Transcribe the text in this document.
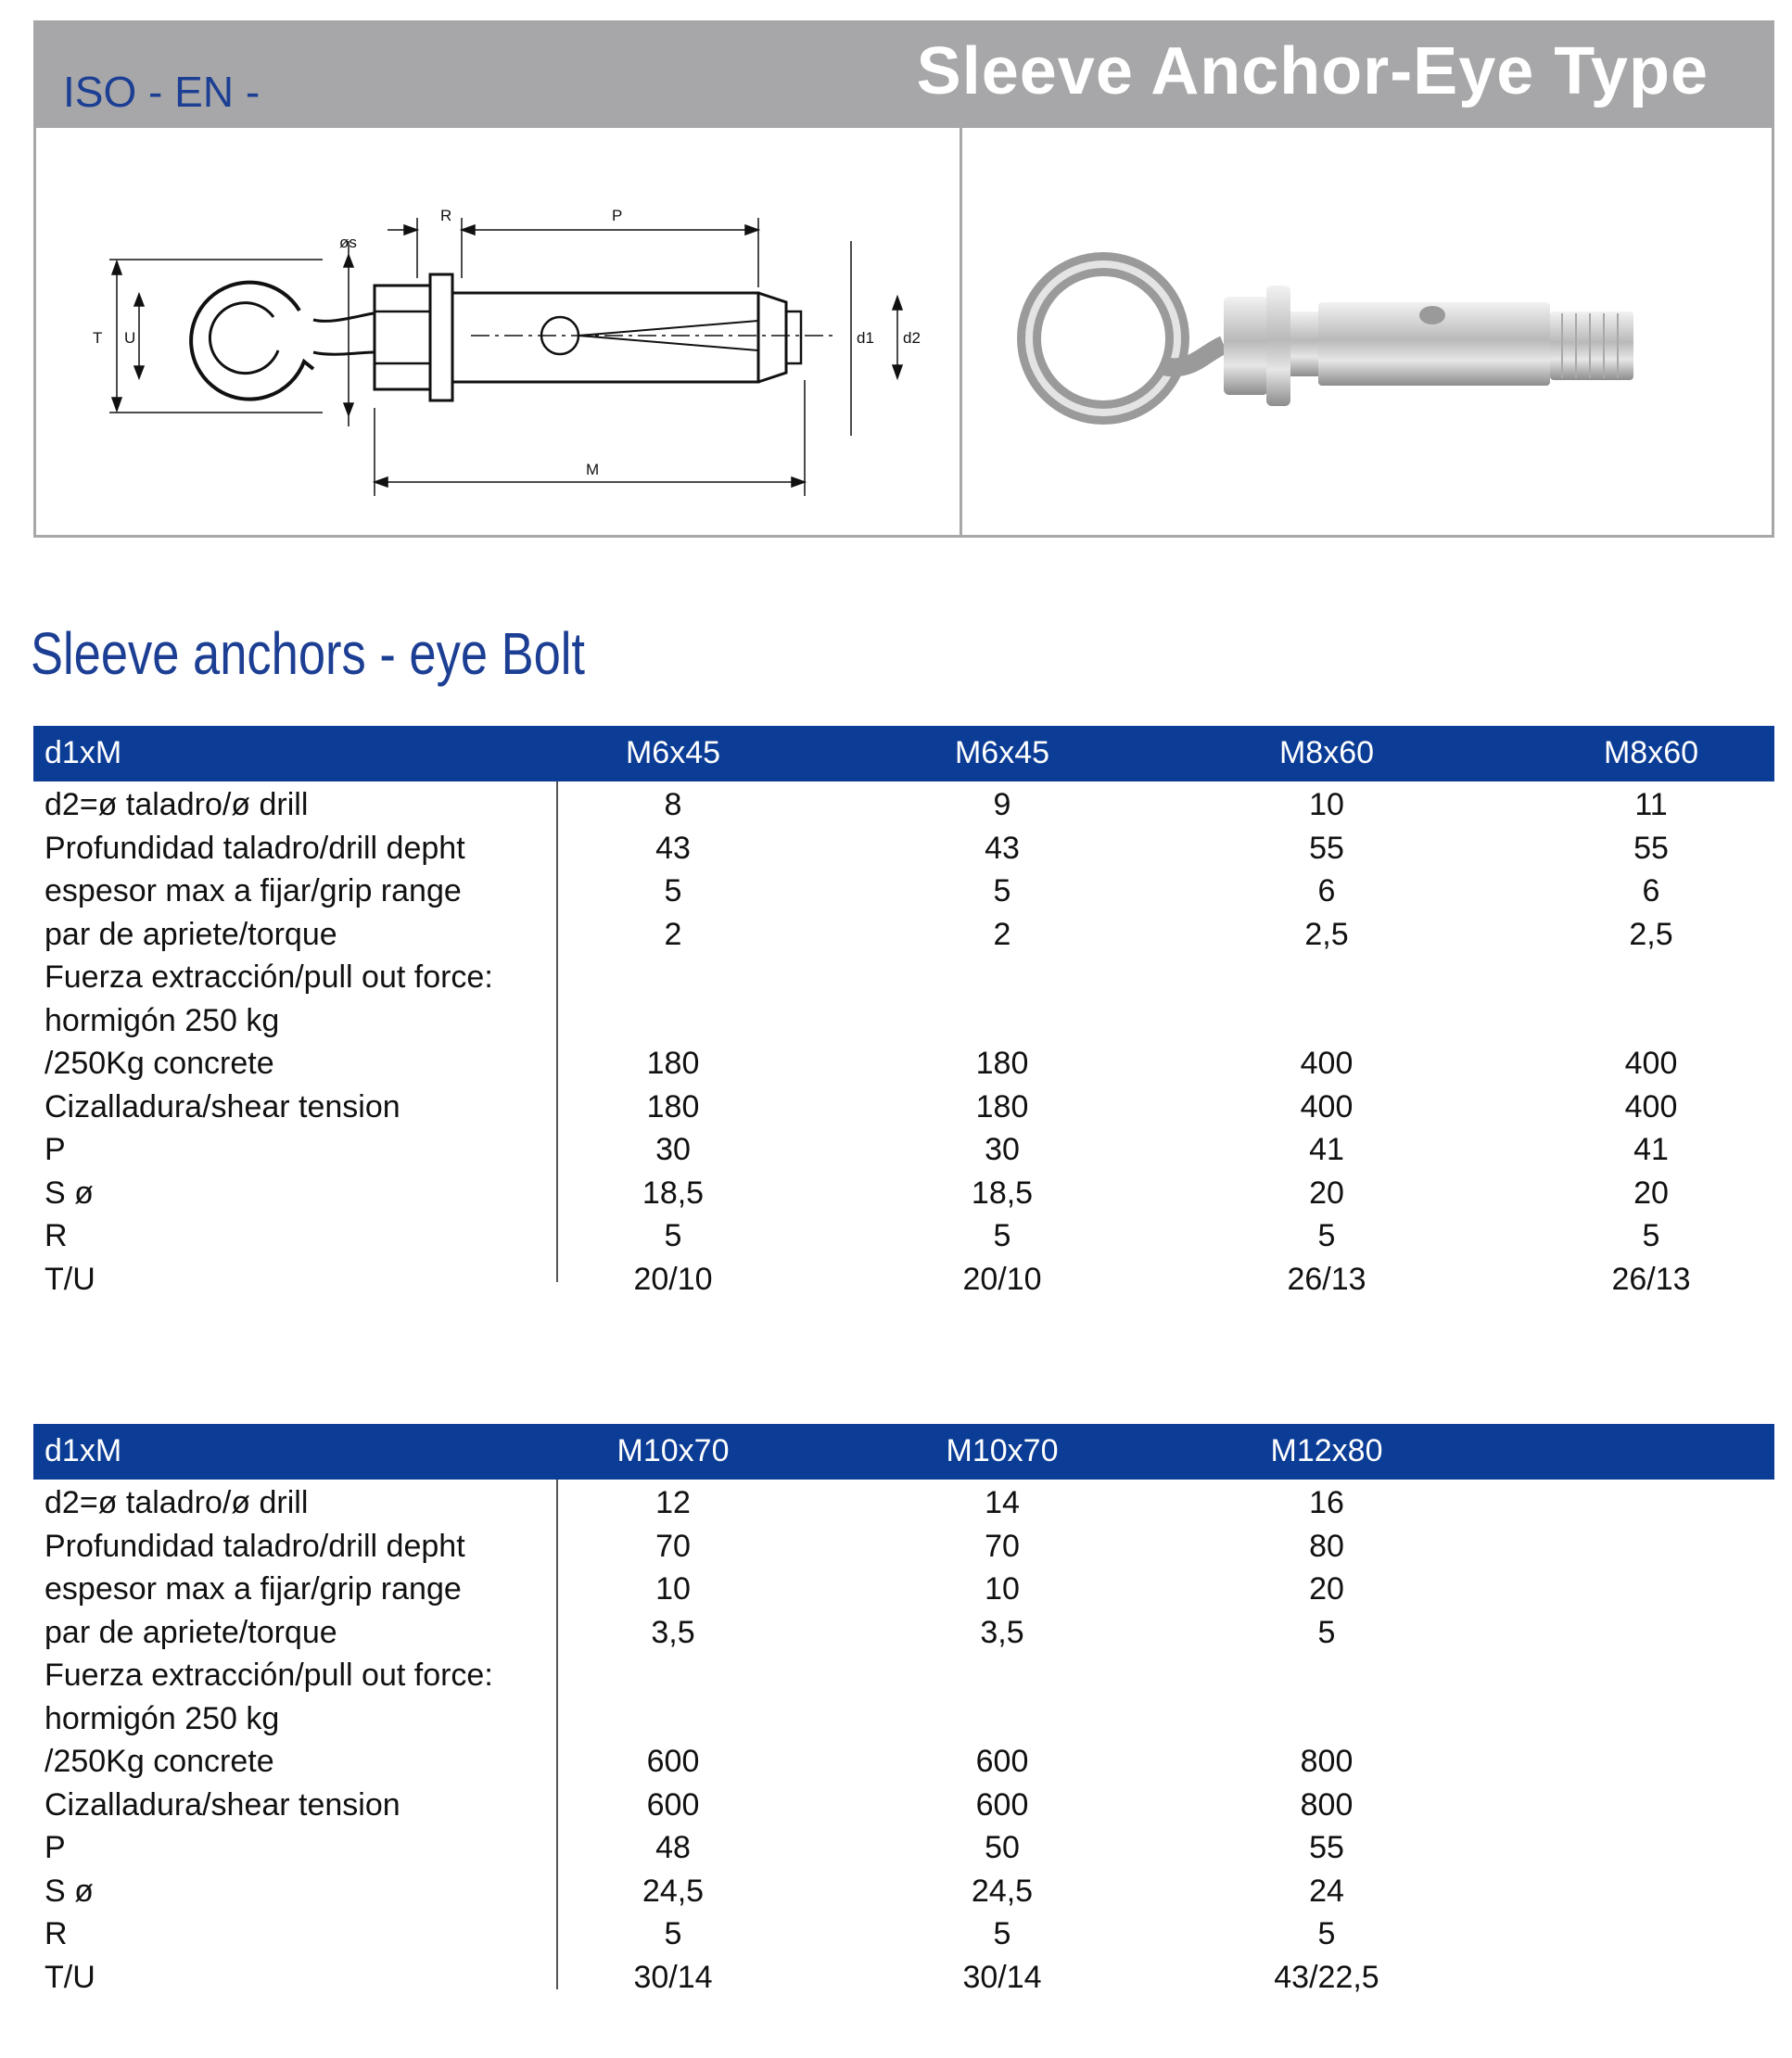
ISO - EN -	Sleeve Anchor-Eye Type
øs
R	P
T U	d1 d2
M
Sleeve anchors - eye Bolt
d1xM	M6x45	M6x45	M8x60	M8x60
d2=ø taladro/ø drill	8	9	10	11
Profundidad taladro/drill depht	43	43	55	55
espesor max a fijar/grip range	5	5	6	6
par de apriete/torque	2	2	2,5	2,5
Fuerza extracción/pull out force:
hormigón 250 kg
/250Kg concrete	180	180	400	400
Cizalladura/shear tension	180	180	400	400
P	30	30	41	41
S ø	18,5	18,5	20	20
R	5	5	5	5
T/U	20/10	20/10	26/13	26/13
d1xM	M10x70	M10x70	M12x80
d2=ø taladro/ø drill	12	14	16
Profundidad taladro/drill depht	70	70	80
espesor max a fijar/grip range	10	10	20
par de apriete/torque	3,5	3,5	5
Fuerza extracción/pull out force:
hormigón 250 kg
/250Kg concrete	600	600	800
Cizalladura/shear tension	600	600	800
P	48	50	55
S ø	24,5	24,5	24
R	5	5	5
T/U	30/14	30/14	43/22,5
